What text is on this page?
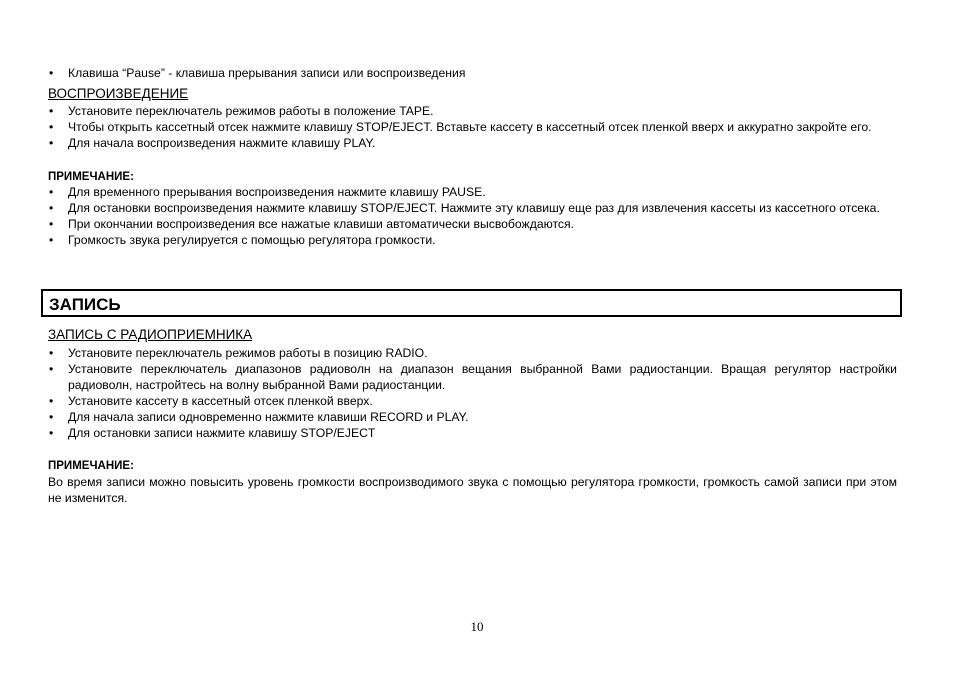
• Клавиша “Pause” - клавиша прерывания записи или воспроизведения
ВОСПРОИЗВЕДЕНИЕ
• Установите переключатель режимов работы в положение TAPE.
• Чтобы открыть кассетный отсек нажмите клавишу STOP/EJECT. Вставьте кассету в кассетный отсек пленкой вверх и аккуратно закройте его.
• Для начала воспроизведения нажмите клавишу PLAY.
ПРИМЕЧАНИЕ:
• Для временного прерывания воспроизведения нажмите клавишу PAUSE.
• Для остановки воспроизведения нажмите клавишу STOP/EJECT. Нажмите эту клавишу еще раз для извлечения кассеты из кассетного отсека.
• При окончании воспроизведения все нажатые клавиши автоматически высвобождаются.
• Громкость звука регулируется с помощью регулятора громкости.
ЗАПИСЬ С РАДИОПРИЕМНИКА
• Установите переключатель режимов работы в позицию RADIO.
• Установите переключатель диапазонов радиоволн на диапазон вещания выбранной Вами радиостанции. Вращая регулятор настройки радиоволн, настройтесь на волну выбранной Вами радиостанции.
• Установите кассету в кассетный отсек пленкой вверх.
• Для начала записи одновременно нажмите клавиши RECORD и PLAY.
• Для остановки записи нажмите клавишу STOP/EJECT
ПРИМЕЧАНИЕ:
Во время записи можно повысить уровень громкости воспроизводимого звука с помощью регулятора громкости, громкость самой записи при этом не изменится.
ЗАПИСЬ
10
